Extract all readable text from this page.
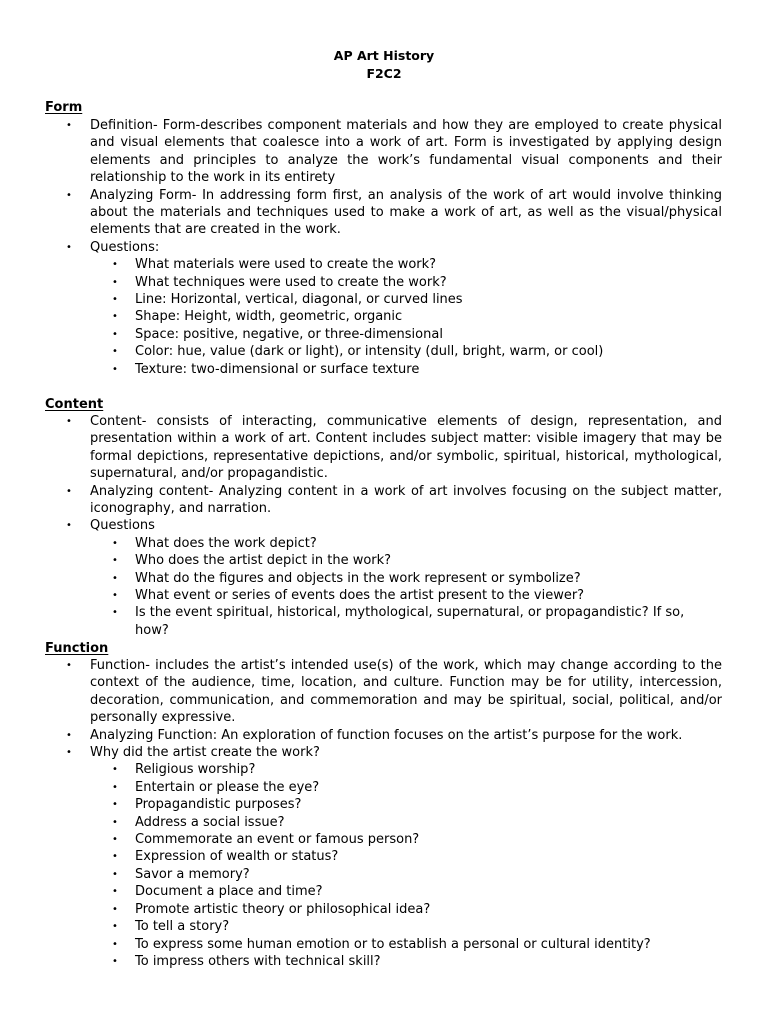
AP Art History
F2C2
Form
• Definition- Form-describes component materials and how they are employed to create physical and visual elements that coalesce into a work of art. Form is investigated by applying design elements and principles to analyze the work’s fundamental visual components and their relationship to the work in its entirety
• Analyzing Form- In addressing form first, an analysis of the work of art would involve thinking about the materials and techniques used to make a work of art, as well as the visual/physical elements that are created in the work.
• Questions:
• What materials were used to create the work?
• What techniques were used to create the work?
• Line: Horizontal, vertical, diagonal, or curved lines
• Shape: Height, width, geometric, organic
• Space: positive, negative, or three-dimensional
• Color: hue, value (dark or light), or intensity (dull, bright, warm, or cool)
• Texture: two-dimensional or surface texture
Content
• Content- consists of interacting, communicative elements of design, representation, and presentation within a work of art. Content includes subject matter: visible imagery that may be formal depictions, representative depictions, and/or symbolic, spiritual, historical, mythological, supernatural, and/or propagandistic.
• Analyzing content- Analyzing content in a work of art involves focusing on the subject matter, iconography, and narration.
• Questions
• What does the work depict?
• Who does the artist depict in the work?
• What do the figures and objects in the work represent or symbolize?
• What event or series of events does the artist present to the viewer?
• Is the event spiritual, historical, mythological, supernatural, or propagandistic? If so, how?
Function
• Function- includes the artist’s intended use(s) of the work, which may change according to the context of the audience, time, location, and culture. Function may be for utility, intercession, decoration, communication, and commemoration and may be spiritual, social, political, and/or personally expressive.
• Analyzing Function: An exploration of function focuses on the artist’s purpose for the work.
• Why did the artist create the work?
• Religious worship?
• Entertain or please the eye?
• Propagandistic purposes?
• Address a social issue?
• Commemorate an event or famous person?
• Expression of wealth or status?
• Savor a memory?
• Document a place and time?
• Promote artistic theory or philosophical idea?
• To tell a story?
• To express some human emotion or to establish a personal or cultural identity?
• To impress others with technical skill?
